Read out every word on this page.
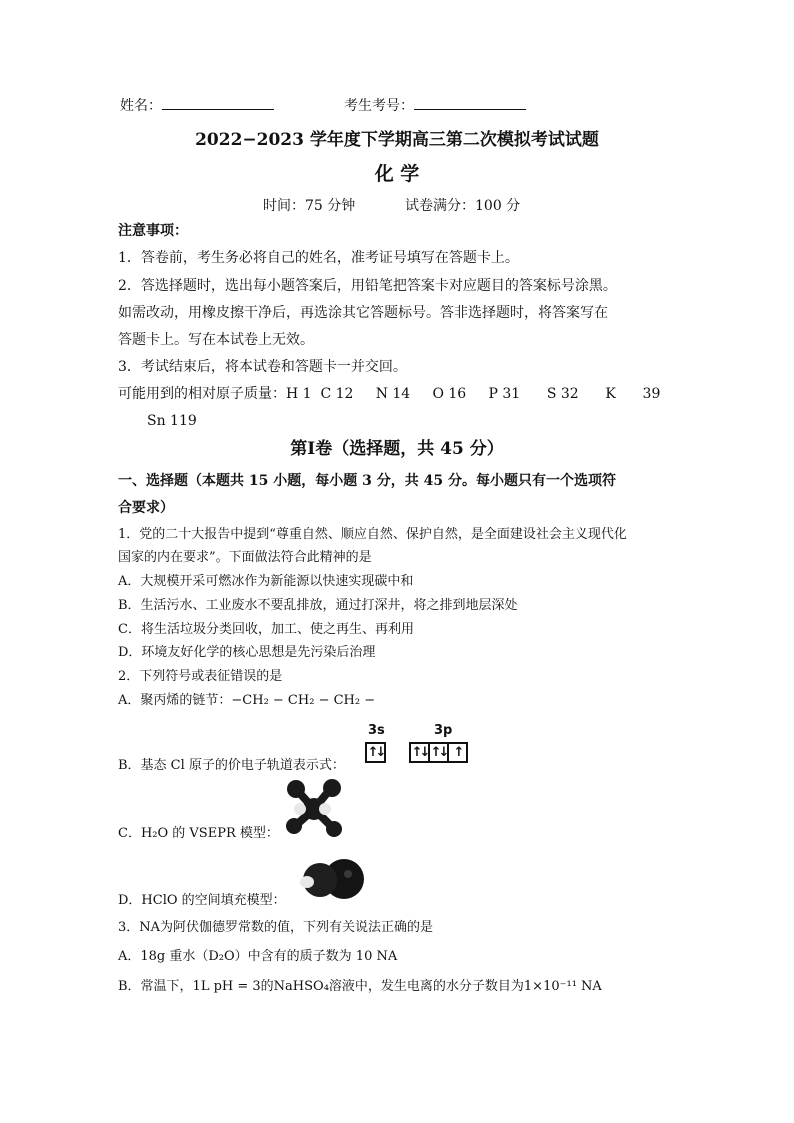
姓名：	考生考号：
2022−2023 学年度下学期高三第二次模拟考试试题
化 学
时间：75 分钟	试卷满分：100 分
注意事项：
1．答卷前，考生务必将自己的姓名，准考证号填写在答题卡上。
2．答选择题时，选出每小题答案后，用铅笔把答案卡对应题目的答案标号涂黑。
如需改动，用橡皮擦干净后，再选涂其它答题标号。答非选择题时，将答案写在
答题卡上。写在本试卷上无效。
3．考试结束后，将本试卷和答题卡一并交回。
可能用到的相对原子质量：H 1  C 12     N 14     O 16     P 31      S 32      K      39
Sn 119
第Ⅰ卷（选择题，共 45 分）
一、选择题（本题共 15 小题，每小题 3 分，共 45 分。每小题只有一个选项符
合要求）
1．党的二十大报告中提到“尊重自然、顺应自然、保护自然，是全面建设社会主义现代化
国家的内在要求”。下面做法符合此精神的是
A．大规模开采可燃冰作为新能源以快速实现碳中和
B．生活污水、工业废水不要乱排放，通过打深井，将之排到地层深处
C．将生活垃圾分类回收，加工、使之再生、再利用
D．环境友好化学的核心思想是先污染后治理
2．下列符号或表征错误的是
A．聚丙烯的链节：−CH₂ − CH₂ − CH₂ −
B．基态 Cl 原子的价电子轨道表示式：
3s	3p
↑↓ ↑↓ ↑↓ ↑
C．H₂O 的 VSEPR 模型：
D．HClO 的空间填充模型：
3．NA为阿伏伽德罗常数的值，下列有关说法正确的是
A．18g 重水（D₂O）中含有的质子数为 10 NA
B．常温下，1L pH = 3的NaHSO₄溶液中，发生电离的水分子数目为1×10⁻¹¹ NA
